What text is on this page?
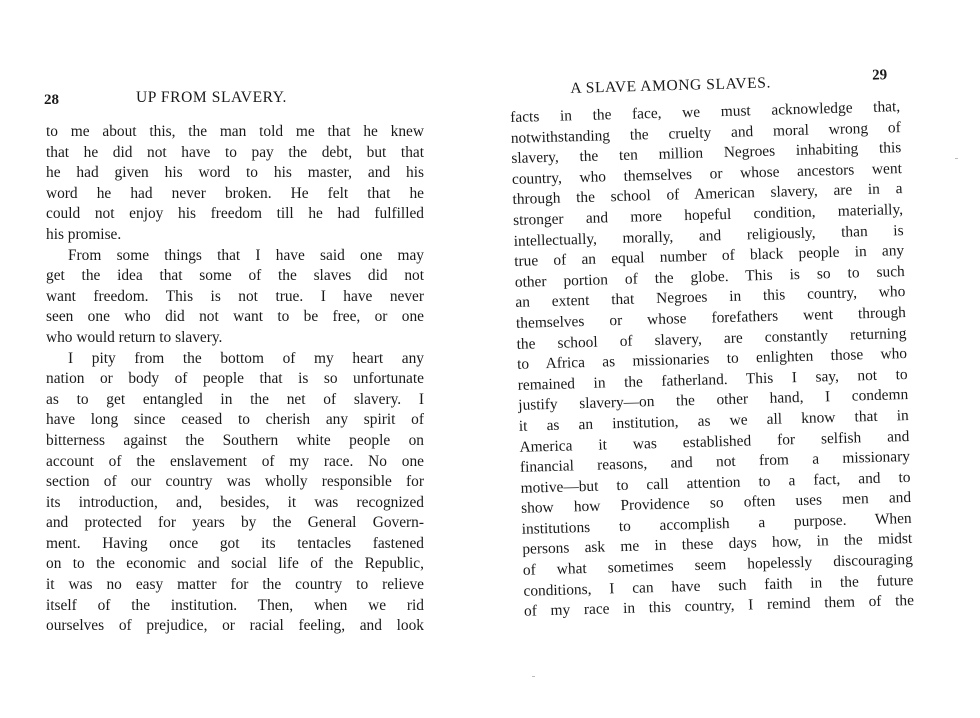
28	UP FROM SLAVERY.
to me about this, the man told me that he knew
that he did not have to pay the debt, but that
he had given his word to his master, and his
word he had never broken. He felt that he
could not enjoy his freedom till he had fulfilled
his promise.
From some things that I have said one may
get the idea that some of the slaves did not
want freedom. This is not true. I have never
seen one who did not want to be free, or one
who would return to slavery.
I pity from the bottom of my heart any
nation or body of people that is so unfortunate
as to get entangled in the net of slavery. I
have long since ceased to cherish any spirit of
bitterness against the Southern white people on
account of the enslavement of my race. No one
section of our country was wholly responsible for
its introduction, and, besides, it was recognized
and protected for years by the General Govern-
ment. Having once got its tentacles fastened
on to the economic and social life of the Republic,
it was no easy matter for the country to relieve
itself of the institution. Then, when we rid
ourselves of prejudice, or racial feeling, and look
A SLAVE AMONG SLAVES.	29
facts in the face, we must acknowledge that,
notwithstanding the cruelty and moral wrong of
slavery, the ten million Negroes inhabiting this
country, who themselves or whose ancestors went
through the school of American slavery, are in a
stronger and more hopeful condition, materially,
intellectually, morally, and religiously, than is
true of an equal number of black people in any
other portion of the globe. This is so to such
an extent that Negroes in this country, who
themselves or whose forefathers went through
the school of slavery, are constantly returning
to Africa as missionaries to enlighten those who
remained in the fatherland. This I say, not to
justify slavery—on the other hand, I condemn
it as an institution, as we all know that in
America it was established for selfish and
financial reasons, and not from a missionary
motive—but to call attention to a fact, and to
show how Providence so often uses men and
institutions to accomplish a purpose. When
persons ask me in these days how, in the midst
of what sometimes seem hopelessly discouraging
conditions, I can have such faith in the future
of my race in this country, I remind them of the
